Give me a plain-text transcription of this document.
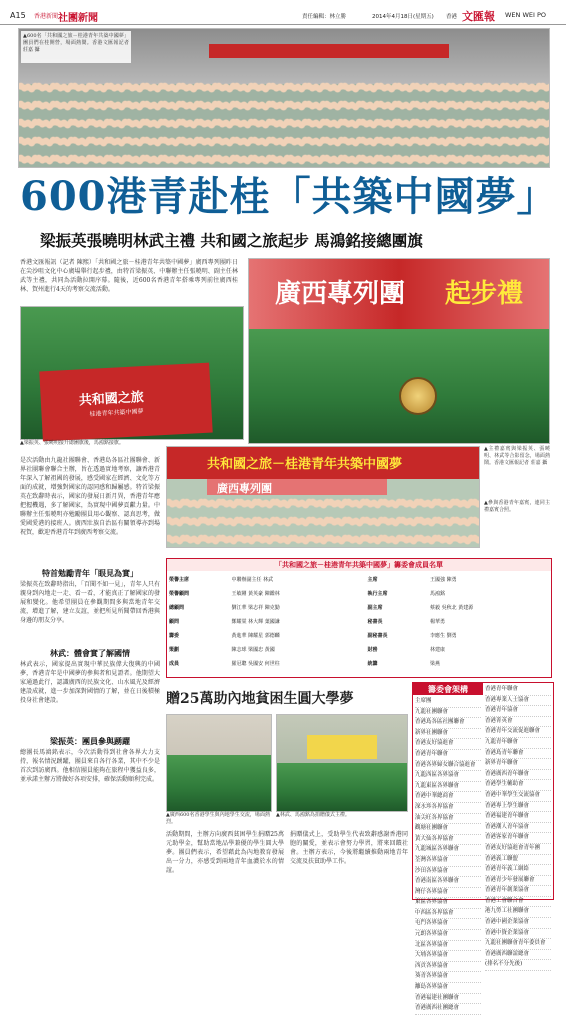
A15 香港新聞 社團新聞	責任編輯：林立勝	2014年4月18日(星期五) 香港 文匯報 WEN WEI PO
▲600名「共和國之旅－桂港青年共築中國夢」團員們在桂開營，場面熱鬧。香港文匯報記者 莊嘉 攝
600港青赴桂「共築中國夢」
梁振英張曉明林武主禮 共和國之旅起步 馬鴻銘接總團旗
香港文匯報訊（記者 陳熙）「共和國之旅－桂港青年共築中國夢」廣西專列團昨日在尖沙咀文化中心廣場舉行起步禮，由特首梁振英、中聯辦主任張曉明、副主任林武等主禮，共同為活動拉開序幕。隨後，近600名香港青年搭乘專列前往廣西桂林、賀州進行4天的考察交流活動。
共和國之旅
桂港青年共築中國夢
▲梁振英、張曉明接升總團旗後，馬鴻銘接旗。
廣西專列團 起步禮
▲主禮嘉賓與梁振英、張曉明、林武等合影留念，場面熱鬧。香港文匯報記者 莊嘉 攝
▲參與香港青年嘉賓，連同主禮嘉賓合照。
是次活動由九龍社團聯會、香港島各區社團聯會、新界社團聯會聯合主辦，旨在透過實地考察，讓香港青年深入了解祖國的發展，感受國家在經濟、文化等方面的成就，增強對國家的認同感和歸屬感。特首梁振英在致辭時表示，國家的發展日新月異，香港青年應把握機遇，多了解國家，為實現中國夢貢獻力量。中聯辦主任張曉明亦勉勵團員用心觀察、認真思考，做愛國愛港的接班人。廣西壯族自治區有關領導亦到場祝賀，歡迎香港青年到廣西考察交流。
特首勉勵青年「眼見為實」
梁振英在致辭時指出，「百聞不如一見」，青年人只有親身到內地走一走、看一看，才能真正了解國家的發展和變化。他希望團員在參觀期間多與當地青年交流，增進了解，建立友誼，並把所見所聞帶回香港與身邊的朋友分享。
林武：體會實了解國情
林武表示，國家提出實現中華民族偉大復興的中國夢，香港青年是中國夢的參與者和見證者。他期望大家通過此行，認識廣西的民族文化、山水風光及經濟建設成就，進一步加深對國情的了解，並在日後積極投身社會建設。
梁振英：團員參與踴躍
總團長馬鴻銘表示，今次活動得到社會各界大力支持，報名情況踴躍，團員來自各行各業，其中不少是首次到訪廣西。他相信團員能夠在旅程中獲益良多，並承諾主辦方將做好各項安排，確保活動順利完成。
共和國之旅－桂港青年共築中國夢
廣西專列團
「共和國之旅－桂港青年共築中國夢」籌委會成員名單
榮譽主席	中聯辦副主任 林武	主席	王國強 陳勇
榮譽顧問	王敏剛 黃英豪 陳鑑林	執行主席	馬鴻銘
總顧問	劉江華 梁志祥 陳克勤	副主席	蔡毅 吳秋北 黃建源
顧問	鄭耀棠 林大輝 葉國謙	秘書長	楊華勇
籌委	黃進華 陳耀星 郭德麟	副秘書長	李應生 劉勇
策劃	陳志球 梁國忠 黃國	財務	林建康
成員	羅冠聰 吳國安 何世柱	統籌	梁燕
贈25萬助內地貧困生圓大學夢
▲廣西600名香港學生與內地學生交流，場面熱烈。
▲林武、馬鴻銘為捐贈儀式主禮。
活動期間，主辦方向廣西貧困學生捐贈25萬元助學金，幫助當地品學兼優的學生圓大學夢。團員們表示，希望藉此為內地教育發展出一分力，亦感受到兩地青年血濃於水的情誼。
捐贈儀式上，受助學生代表致辭感謝香港同胞的關愛，並表示會努力學習，將來回饋社會。主辦方表示，今後將繼續推動兩地青年交流及扶貧助學工作。
籌委會架構
主席團
九龍社團聯會
香港島各區社團聯會
新界社團聯會
香港友好協進會
香港青年聯會
香港各界婦女聯合協進會
九龍西區各界協會
九龍東區各界聯會
香港中華總商會
深水埗各界協會
油尖旺各界協會
觀塘社團聯會
黃大仙各界協會
九龍城區各界聯會
荃灣各界協會
沙田各界協會
香港南區各界聯會
灣仔各界協會
東區各界協會
中西區各界協會
屯門各界協會
元朗各界協會
北區各界協會
大埔各界協會
西貢各界協會
葵青各界協會
離島各界協會
香港福建社團聯會
香港廣西社團總會
香港青年聯會
香港專業人士協會
香港青年協會
香港菁英會
香港青年交流促進聯會
九龍青年聯會
香港島青年聯會
新界青年聯會
香港廣西青年聯會
香港學生輔助會
香港中華學生交流協會
香港專上學生聯會
香港福建青年聯會
香港潮人青年協會
香港客家青年聯會
香港友好協進會青年團
香港義工聯盟
香港青年義工網絡
香港青少年發展聯會
香港青年創業協會
香港工會聯合會
港九勞工社團聯會
香港中國企業協會
香港中資企業協會
九龍社團聯會青年委員會
香港廣西聯誼總會
(排名不分先後)
